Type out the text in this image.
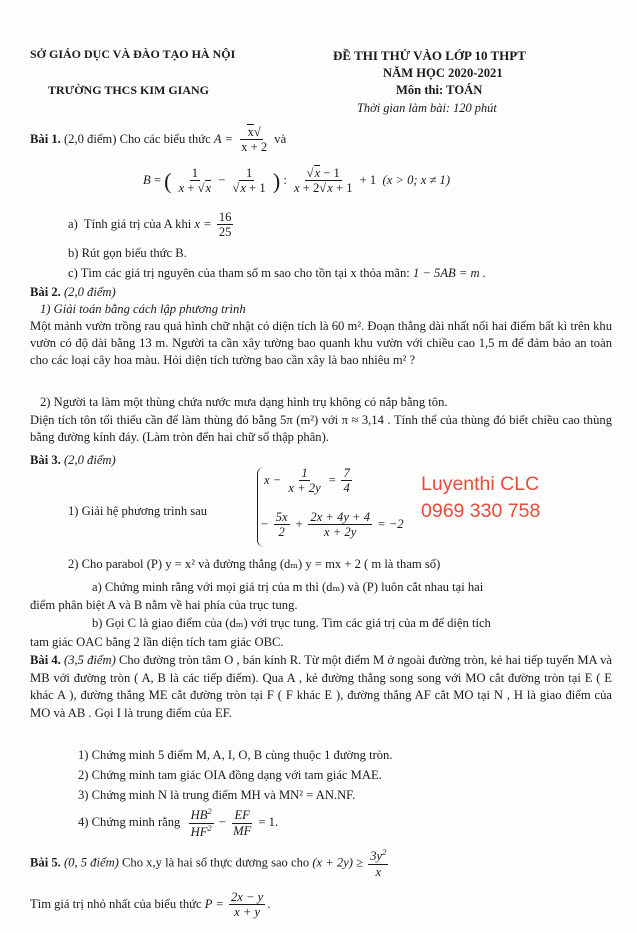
SỞ GIÁO DỤC VÀ ĐÀO TẠO HÀ NỘI
TRƯỜNG THCS KIM GIANG
ĐỀ THI THỬ VÀO LỚP 10 THPT
NĂM HỌC 2020-2021
Môn thi: TOÁN
Thời gian làm bài: 120 phút
Bài 1. (2,0 điểm) Cho các biểu thức $A = \frac{x√}{x + 2}$ và
B = ( $\frac{1}{x + √x} - \frac{1}{√x + 1}$ ) : $\frac{√x - 1}{x + 2√x + 1} + 1$  (x > 0; x ≠ 1)
a) Tính giá trị của A khi $x = \frac{16}{25}$
b) Rút gọn biểu thức B.
c) Tìm các giá trị nguyên của tham số m sao cho tồn tại x thỏa mãn: 1 − 5AB = m .
Bài 2. (2,0 điểm)
1) Giải toán bằng cách lập phương trình
Một mảnh vườn trồng rau quả hình chữ nhật có diện tích là 60 m². Đoạn thẳng dài nhất nối hai điểm bất kì trên khu vườn có độ dài bằng 13 m. Người ta cần xây tường bao quanh khu vườn với chiều cao 1,5 m để đảm bảo an toàn cho các loại cây hoa màu. Hỏi diện tích tường bao cần xây là bao nhiêu m² ?
2) Người ta làm một thùng chứa nước mưa dạng hình trụ không có nắp bằng tôn.
Diện tích tôn tối thiểu cần để làm thùng đó bằng 5π (m²) với π ≈ 3,14 . Tính thể của thùng đó biết chiều cao thùng bằng đường kính đáy. (Làm tròn đến hai chữ số thập phân).
Bài 3. (2,0 điểm)
1) Giải hệ phương trình sau
$x - \frac{1}{x + 2y} = \frac{7}{4}$
− $\frac{5x}{2} + \frac{2x + 4y + 4}{x + 2y} = -2$
Luyenthi CLC
0969 330 758
2) Cho parabol (P) y = x² và đường thẳng (dₘ) y = mx + 2 ( m là tham số)
a) Chứng minh rằng với mọi giá trị của m thì (dₘ) và (P) luôn cắt nhau tại hai
điểm phân biệt A và B nằm về hai phía của trục tung.
b) Gọi C là giao điểm của (dₘ) với trục tung. Tìm các giá trị của m để diện tích
tam giác OAC bằng 2 lần diện tích tam giác OBC.
Bài 4. (3,5 điểm) Cho đường tròn tâm O , bán kính R. Từ một điểm M ở ngoài đường tròn, kẻ hai tiếp tuyến MA và MB với đường tròn ( A, B là các tiếp điểm). Qua A , kẻ đường thẳng song song với MO cắt đường tròn tại E ( E khác A ), đường thẳng ME cắt đường tròn tại F ( F khác E ), đường thẳng AF cắt MO tại N , H là giao điểm của MO và AB . Gọi I là trung điểm của EF.
1) Chứng minh 5 điểm M, A, I, O, B cùng thuộc 1 đường tròn.
2) Chứng minh tam giác OIA đồng dạng với tam giác MAE.
3) Chứng minh N là trung điểm MH và MN² = AN.NF.
4) Chứng minh rằng $\frac{HB^2}{HF^2} - \frac{EF}{MF} = 1$.
Bài 5. (0, 5 điểm) Cho x,y là hai số thực dương sao cho $(x + 2y) \ge \frac{3y^2}{x}$
Tìm giá trị nhỏ nhất của biểu thức $P = \frac{2x - y}{x + y}$ .
